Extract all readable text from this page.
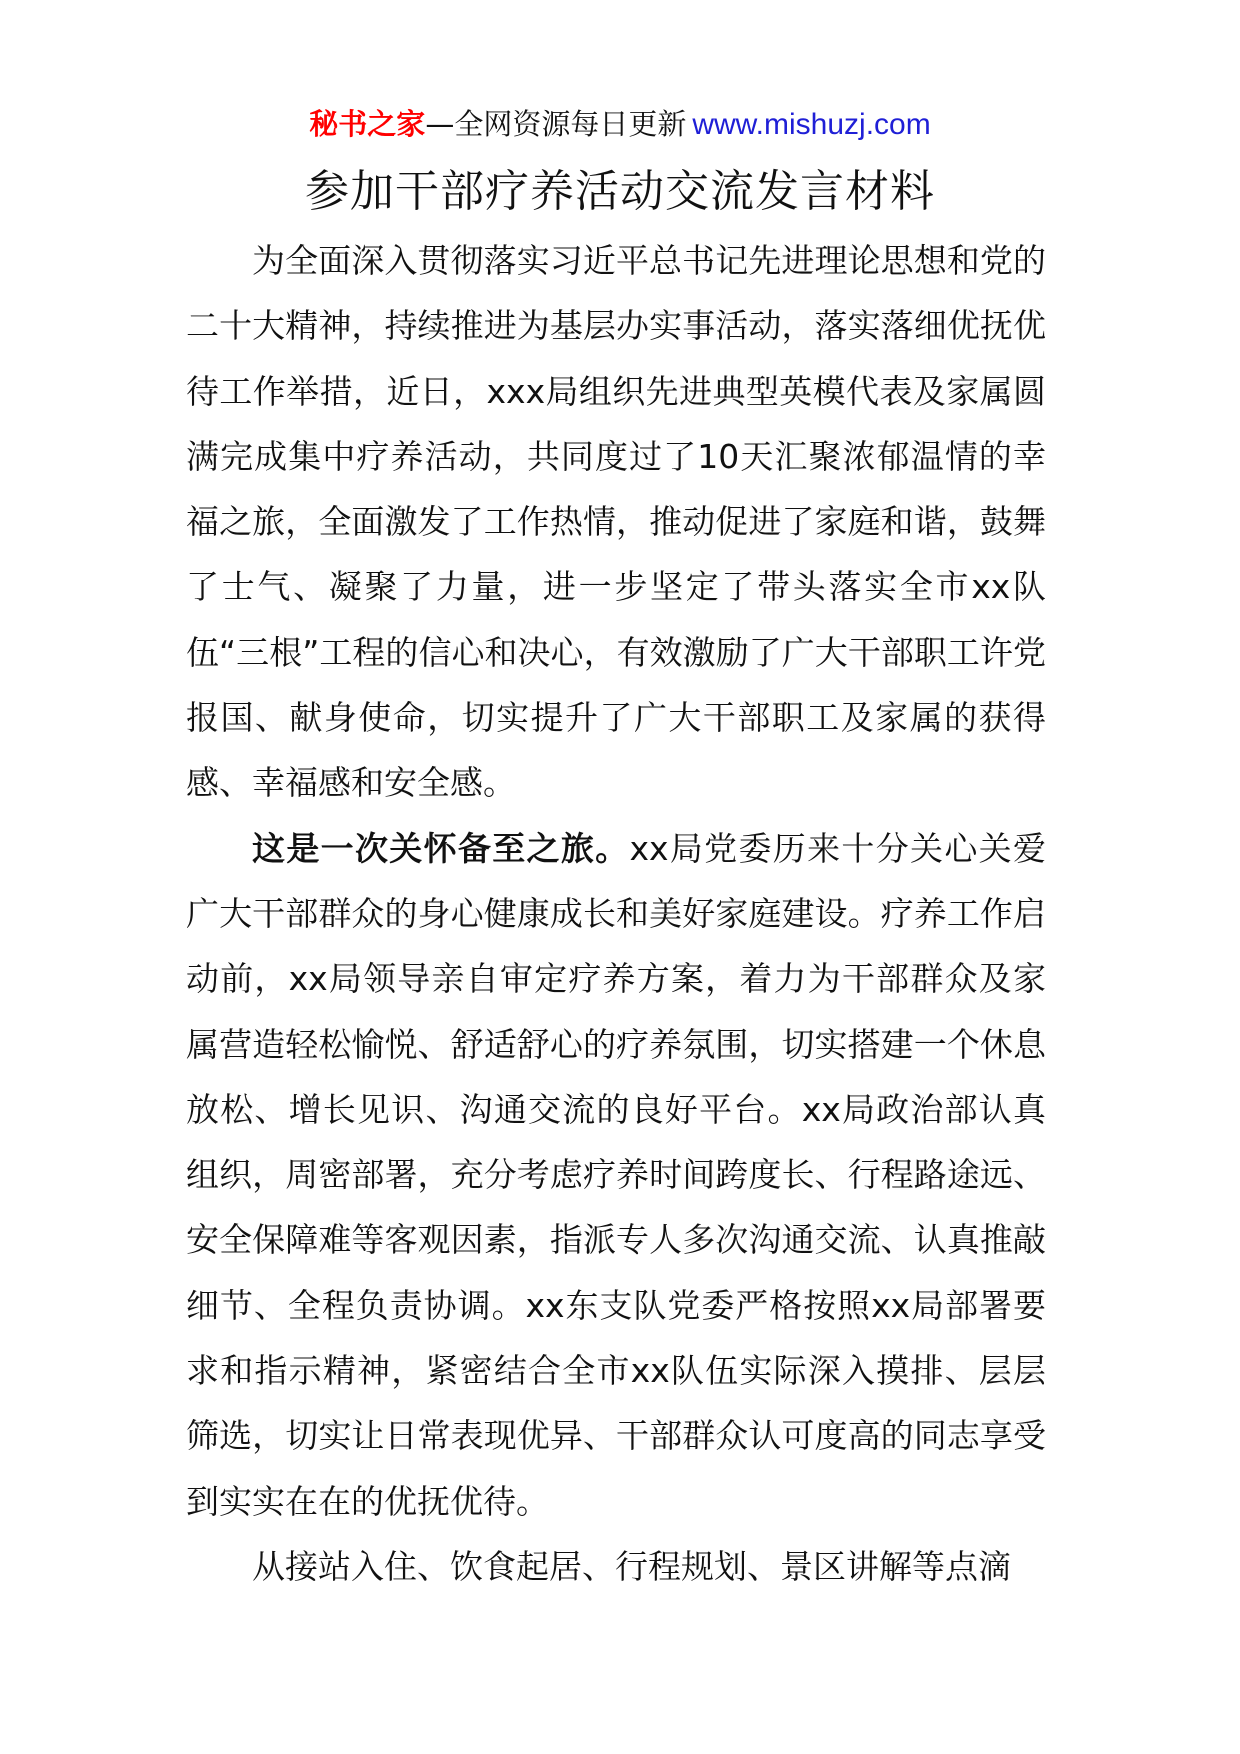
秘书之家—全网资源每日更新 www.mishuzj.com
参加干部疗养活动交流发言材料

为全面深入贯彻落实习近平总书记先进理论思想和党的二十大精神，持续推进为基层办实事活动，落实落细优抚优待工作举措，近日，xxx局组织先进典型英模代表及家属圆满完成集中疗养活动，共同度过了10天汇聚浓郁温情的幸福之旅，全面激发了工作热情，推动促进了家庭和谐，鼓舞了士气、凝聚了力量，进一步坚定了带头落实全市xx队伍“三根”工程的信心和决心，有效激励了广大干部职工许党报国、献身使命，切实提升了广大干部职工及家属的获得感、幸福感和安全感。

这是一次关怀备至之旅。xx局党委历来十分关心关爱广大干部群众的身心健康成长和美好家庭建设。疗养工作启动前，xx局领导亲自审定疗养方案，着力为干部群众及家属营造轻松愉悦、舒适舒心的疗养氛围，切实搭建一个休息放松、增长见识、沟通交流的良好平台。xx局政治部认真组织，周密部署，充分考虑疗养时间跨度长、行程路途远、安全保障难等客观因素，指派专人多次沟通交流、认真推敲细节、全程负责协调。xx东支队党委严格按照xx局部署要求和指示精神，紧密结合全市xx队伍实际深入摸排、层层筛选，切实让日常表现优异、干部群众认可度高的同志享受到实实在在的优抚优待。

从接站入住、饮食起居、行程规划、景区讲解等点滴
